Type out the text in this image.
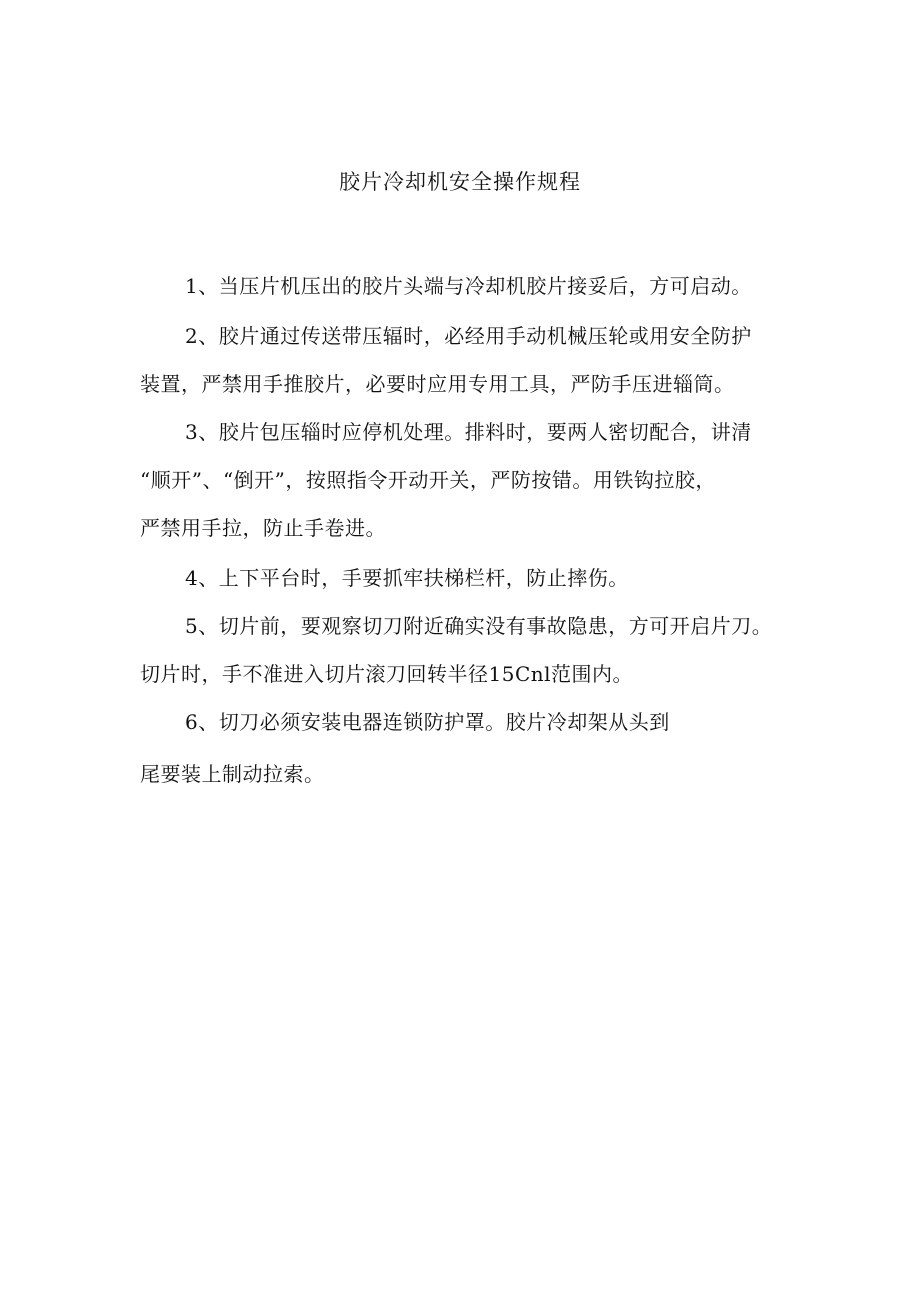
胶片冷却机安全操作规程
1、当压片机压出的胶片头端与冷却机胶片接妥后，方可启动。
2、胶片通过传送带压辐时，必经用手动机械压轮或用安全防护
装置，严禁用手推胶片，必要时应用专用工具，严防手压进辎筒。
3、胶片包压辎时应停机处理。排料时，要两人密切配合，讲清
“顺开”、“倒开”，按照指令开动开关，严防按错。用铁钩拉胶，
严禁用手拉，防止手卷进。
4、上下平台时，手要抓牢扶梯栏杆，防止摔伤。
5、切片前，要观察切刀附近确实没有事故隐患，方可开启片刀。
切片时，手不准进入切片滚刀回转半径15Cnl范围内。
6、切刀必须安装电器连锁防护罩。胶片冷却架从头到
尾要装上制动拉索。
